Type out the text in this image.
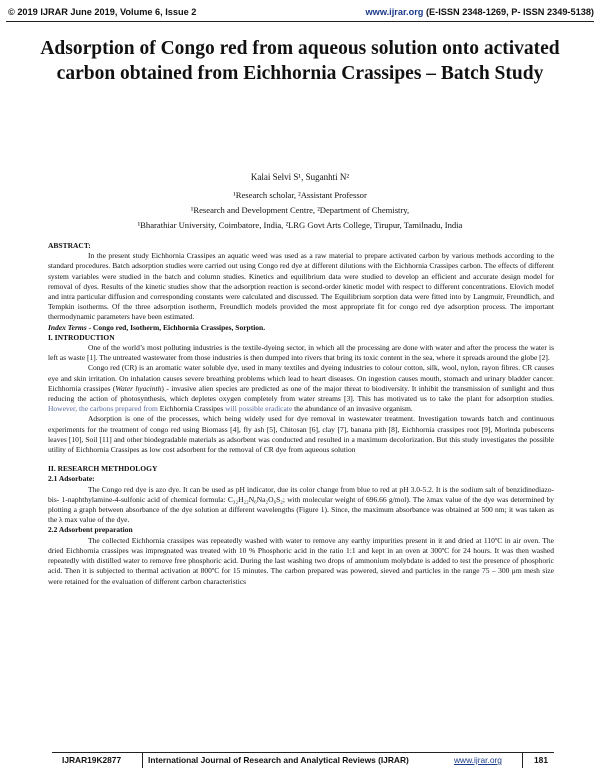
© 2019 IJRAR June 2019, Volume 6, Issue 2	www.ijrar.org (E-ISSN 2348-1269, P- ISSN 2349-5138)
Adsorption of Congo red from aqueous solution onto activated carbon obtained from Eichhornia Crassipes – Batch Study
Kalai Selvi S¹, Suganhti N²
¹Research scholar, ²Assistant Professor
¹Research and Development Centre, ²Department of Chemistry,
¹Bharathiar University, Coimbatore, India, ²LRG Govt Arts College, Tirupur, Tamilnadu, India
ABSTRACT:
In the present study Eichhornia Crassipes an aquatic weed was used as a raw material to prepare activated carbon by various methods according to the standard procedures. Batch adsorption studies were carried out using Congo red dye at different dilutions with the Eichhornia Crassipes carbon. The effects of different system variables were studied in the batch and column studies. Kinetics and equilibrium data were studied to develop an efficient and accurate design model for removal of dyes. Results of the kinetic studies show that the adsorption reaction is second-order kinetic model with respect to different concentrations. Elovich model and intra particular diffusion and corresponding constants were calculated and discussed. The Equilibrium sorption data were fitted into by Langmuir, Freundlich, and Tempkin isotherms. Of the three adsorption isotherm, Freundlich models provided the most appropriate fit for congo red dye adsorption process. The important thermodynamic parameters have been estimated.
Index Terms - Congo red, Isotherm, Eichhornia Crassipes, Sorption.
I. INTRODUCTION
One of the world’s most polluting industries is the textile-dyeing sector, in which all the processing are done with water and after the process the water is left as waste [1]. The untreated wastewater from those industries is then dumped into rivers that bring its toxic content in the sea, where it spreads around the globe [2].
Congo red (CR) is an aromatic water soluble dye, used in many textiles and dyeing industries to colour cotton, silk, wool, nylon, rayon fibres. CR causes eye and skin irritation. On inhalation causes severe breathing problems which lead to heart diseases. On ingestion causes mouth, stomach and urinary bladder cancer. Eichhornia crassipes (Water hyacinth) - invasive alien species are predicted as one of the major threat to biodiversity. It inhibit the transmission of sunlight and thus reducing the action of photosynthesis, which depletes oxygen completely from water streams [3]. This has motivated us to take the plant for adsorption studies. However, the carbons prepared from Eichhornia Crassipes will possible eradicate the abundance of an invasive organism.
Adsorption is one of the processes, which being widely used for dye removal in wastewater treatment. Investigation towards batch and continuous experiments for the treatment of congo red using Biomass [4], fly ash [5], Chitosan [6], clay [7], banana pith [8], Eichhornia crassipes root [9], Morinda pubescens leaves [10], Soil [11] and other biodegradable materials as adsorbent was conducted and resulted in a maximum decolorization. But this study investigates the possible utility of Eichhornia Crassipes as low cost adsorbent for the removal of CR dye from aqueous solution
II. RESEARCH METHDOLOGY
2.1 Adsorbate:
The Congo red dye is azo dye. It can be used as pH indicator, due its color change from blue to red at pH 3.0-5.2. It is the sodium salt of benzidinediazo-bis- 1-naphthylamine-4-sulfonic acid of chemical formula: C₃₂H₂₂N₆Na₂O₆S₂; with molecular weight of 696.66 g/mol). The λmax value of the dye was determined by plotting a graph between absorbance of the dye solution at different wavelengths (Figure 1). Since, the maximum absorbance was obtained at 500 nm; it was taken as the λ max value of the dye.
2.2 Adsorbent preparation
The collected Eichhornia crassipes was repeatedly washed with water to remove any earthy impurities present in it and dried at 110ºC in air oven. The dried Eichhornia crassipes was impregnated was treated with 10 % Phosphoric acid in the ratio 1:1 and kept in an oven at 300ºC for 24 hours. It was then washed repeatedly with distilled water to remove free phosphoric acid. During the last washing two drops of ammonium molybdate is added to test the presence of phosphoric acid. Then it is subjected to thermal activation at 800ºC for 15 minutes. The carbon prepared was powered, sieved and particles in the range 75 – 300 μm mesh size were retained for the evaluation of different carbon characteristics
IJRAR19K2877	International Journal of Research and Analytical Reviews (IJRAR)	www.ijrar.org	181
